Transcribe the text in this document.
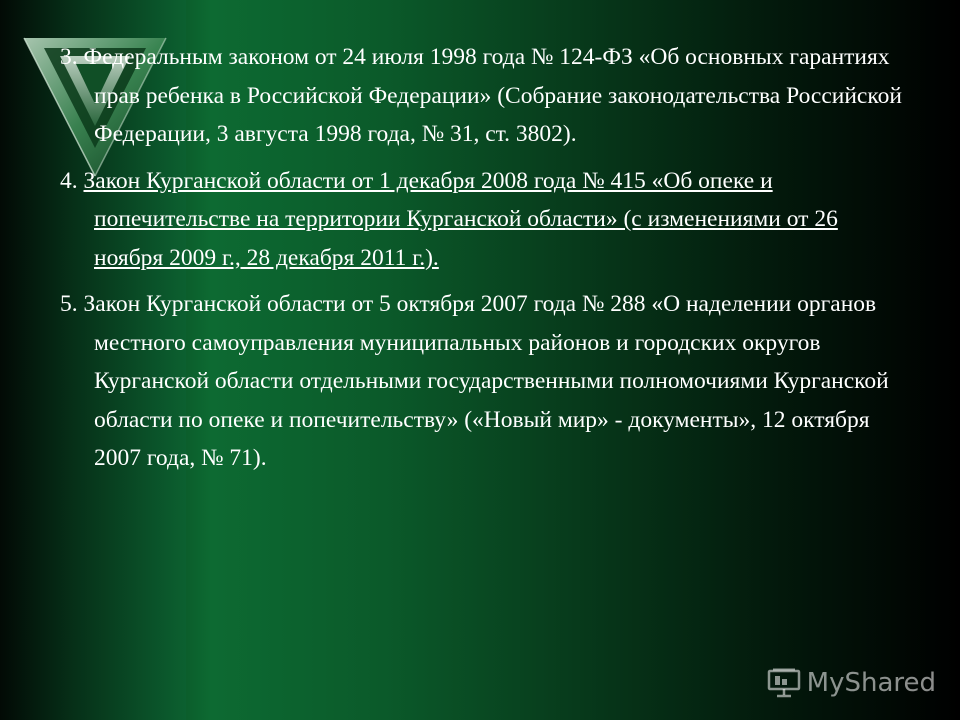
3. Федеральным законом от 24 июля 1998 года № 124-ФЗ «Об основных гарантиях прав ребенка в Российской Федерации» (Собрание законодательства Российской Федерации, 3 августа 1998 года, № 31, ст. 3802).

4. Закон Курганской области от 1 декабря 2008 года № 415 «Об опеке и попечительстве на территории Курганской области» (с изменениями от 26 ноября 2009 г., 28 декабря 2011 г.).

5. Закон Курганской области от 5 октября 2007 года № 288 «О наделении органов местного самоуправления муниципальных районов и городских округов Курганской области отдельными государственными полномочиями Курганской области по опеке и попечительству» («Новый мир» - документы», 12 октября 2007 года, № 71).

MyShared
